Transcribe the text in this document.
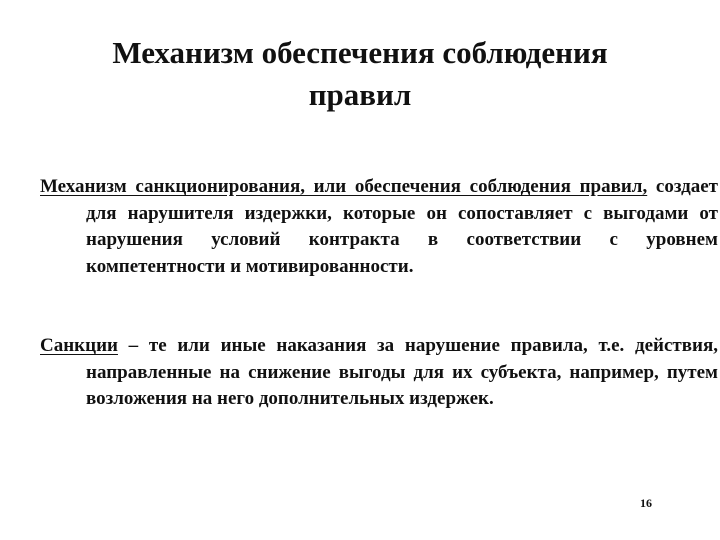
Механизм обеспечения соблюдения
правил
Механизм санкционирования, или обеспечения соблюдения правил, создает для нарушителя издержки, которые он сопоставляет с выгодами от нарушения условий контракта в соответствии с уровнем компетентности и мотивированности.
Санкции – те или иные наказания за нарушение правила, т.е. действия, направленные на снижение выгоды для их субъекта, например, путем возложения на него дополнительных издержек.
16
